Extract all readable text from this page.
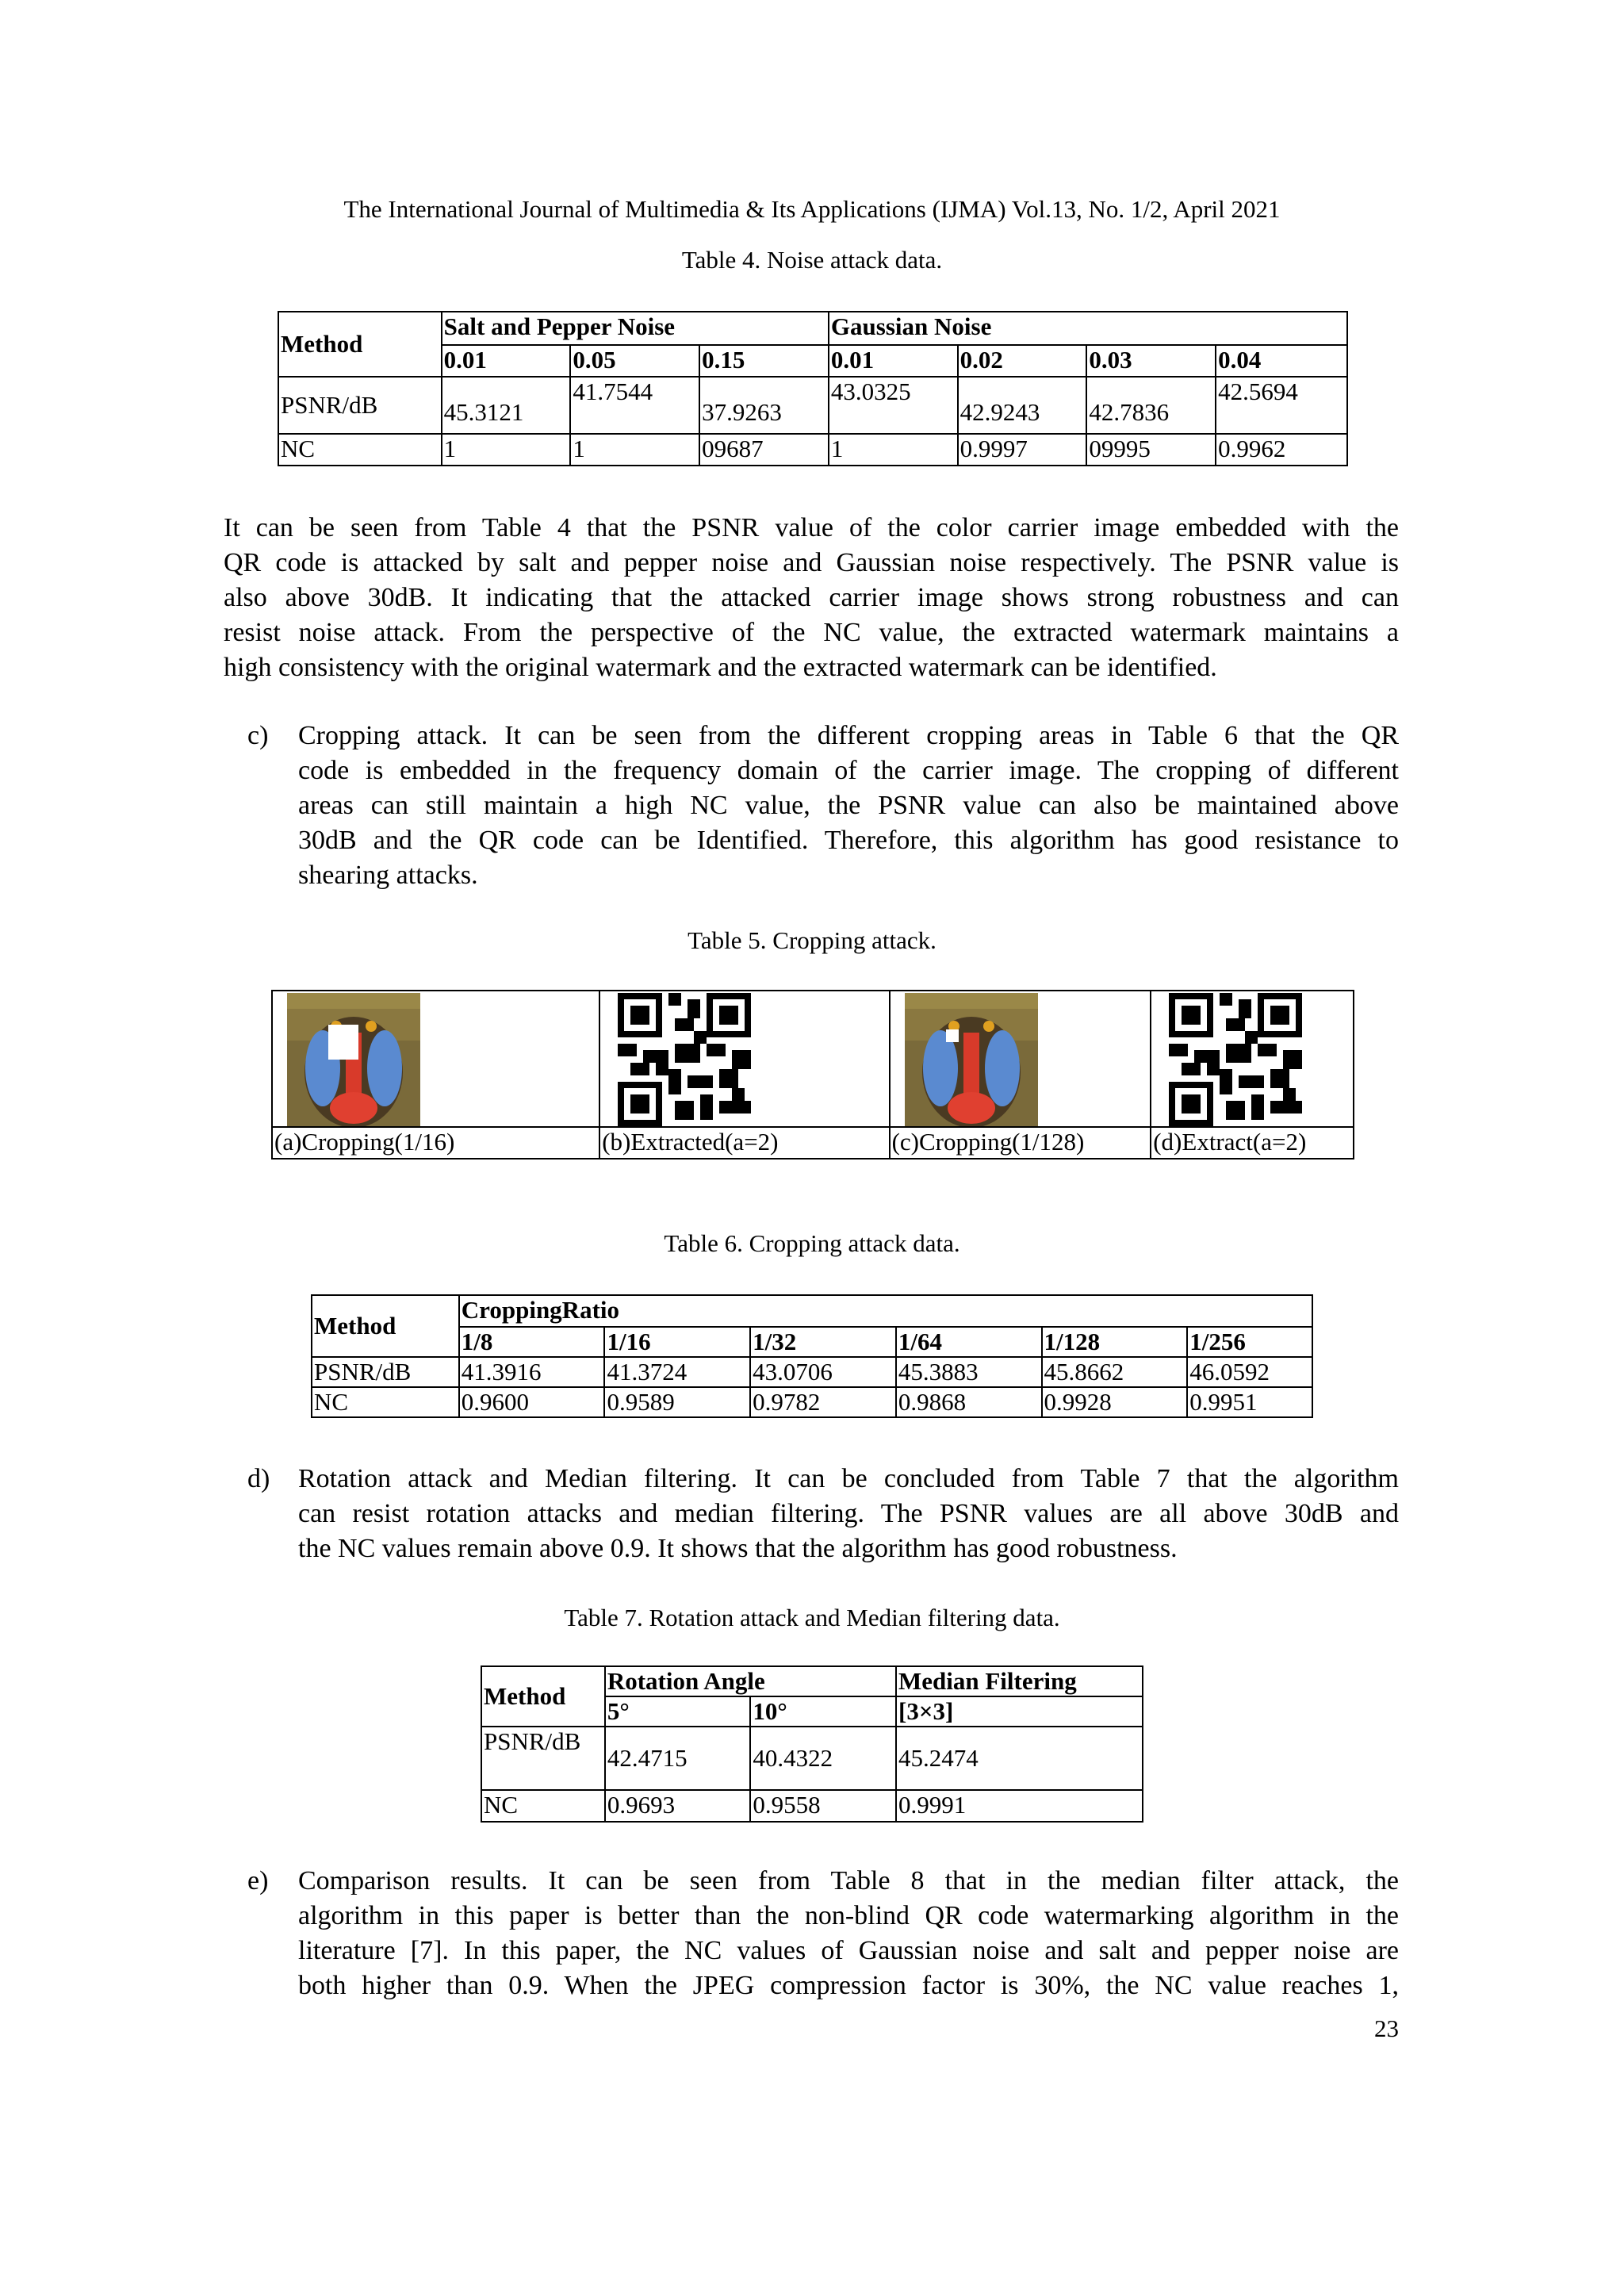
The International Journal of Multimedia & Its Applications (IJMA) Vol.13, No. 1/2, April 2021
Table 4. Noise attack data.
Method	Salt and Pepper Noise			Gaussian Noise			
	0.01	0.05	0.15	0.01	0.02	0.03	0.04
PSNR/dB	45.3121	41.7544	37.9263	43.0325	42.9243	42.7836	42.5694
NC	1	1	09687	1	0.9997	09995	0.9962
It can be seen from Table 4 that the PSNR value of the color carrier image embedded with the
QR code is attacked by salt and pepper noise and Gaussian noise respectively. The PSNR value is
also above 30dB. It indicating that the attacked carrier image shows strong robustness and can
resist noise attack. From the perspective of the NC value, the extracted watermark maintains a
high consistency with the original watermark and the extracted watermark can be identified.
c) Cropping attack. It can be seen from the different cropping areas in Table 6 that the QR
code is embedded in the frequency domain of the carrier image. The cropping of different
areas can still maintain a high NC value, the PSNR value can also be maintained above
30dB and the QR code can be Identified. Therefore, this algorithm has good resistance to
shearing attacks.
Table 5. Cropping attack.

(a)Cropping(1/16)	(b)Extracted(a=2)	(c)Cropping(1/128)	(d)Extract(a=2)
Table 6. Cropping attack data.
Method	CroppingRatio					
	1/8	1/16	1/32	1/64	1/128	1/256
PSNR/dB	41.3916	41.3724	43.0706	45.3883	45.8662	46.0592
NC	0.9600	0.9589	0.9782	0.9868	0.9928	0.9951
d) Rotation attack and Median filtering. It can be concluded from Table 7 that the algorithm
can resist rotation attacks and median filtering. The PSNR values are all above 30dB and
the NC values remain above 0.9. It shows that the algorithm has good robustness.
Table 7. Rotation attack and Median filtering data.
Method	Rotation Angle		Median Filtering
	5°	10°	[3×3]
PSNR/dB	42.4715	40.4322	45.2474
NC	0.9693	0.9558	0.9991
e) Comparison results. It can be seen from Table 8 that in the median filter attack, the
algorithm in this paper is better than the non-blind QR code watermarking algorithm in the
literature [7]. In this paper, the NC values of Gaussian noise and salt and pepper noise are
both higher than 0.9. When the JPEG compression factor is 30%, the NC value reaches 1,
23
